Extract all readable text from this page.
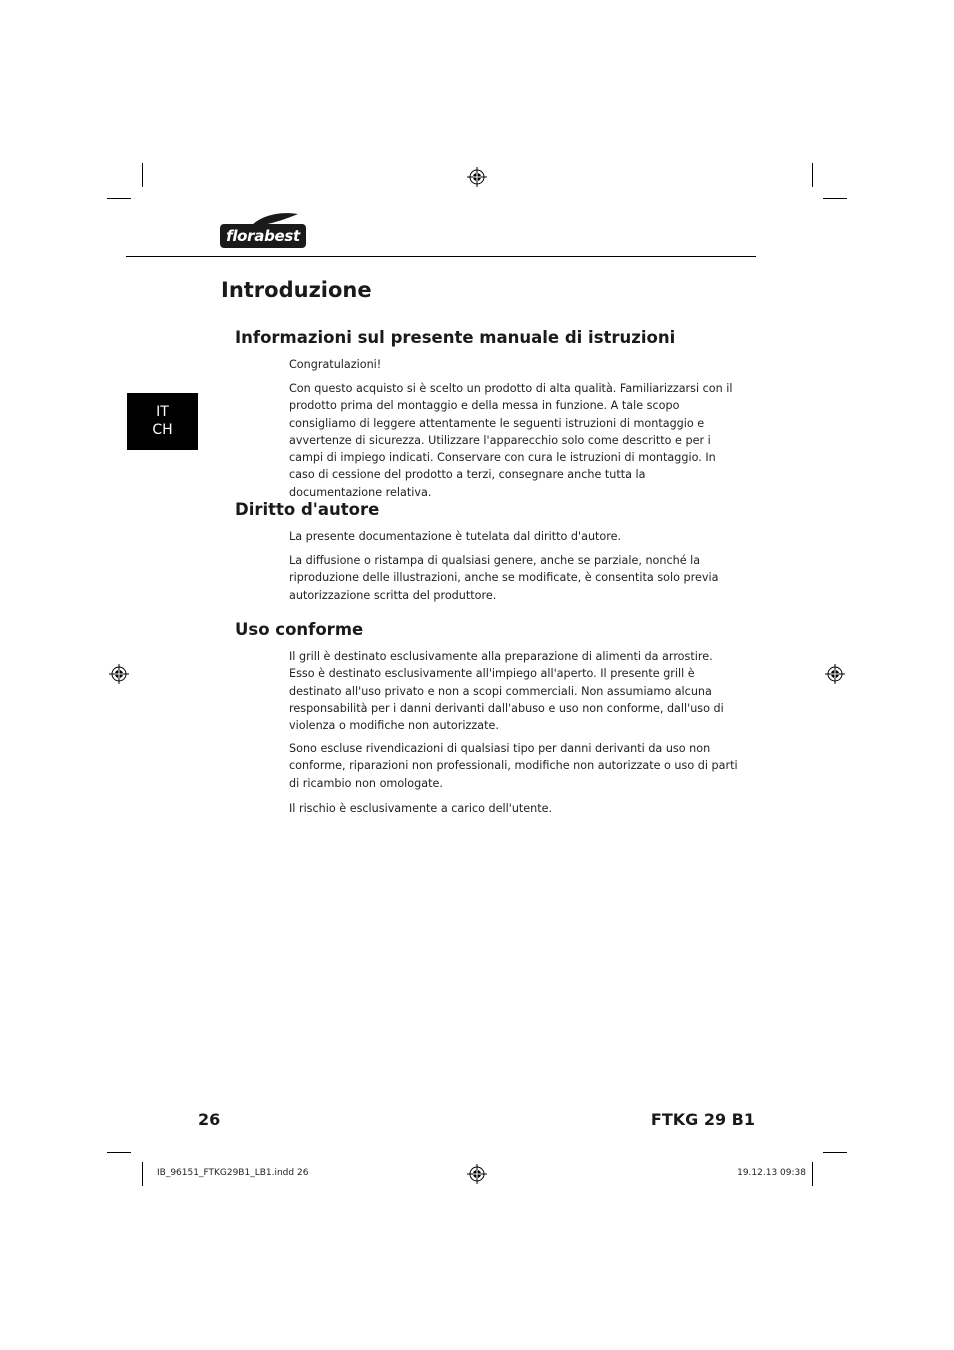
florabest
Introduzione
IT
CH
Informazioni sul presente manuale di istruzioni

Congratulazioni!

Con questo acquisto si è scelto un prodotto di alta qualità. Familiarizzarsi con il prodotto prima del montaggio e della messa in funzione. A tale scopo consigliamo di leggere attentamente le seguenti istruzioni di montaggio e avvertenze di sicurezza. Utilizzare l'apparecchio solo come descritto e per i campi di impiego indicati. Conservare con cura le istruzioni di montaggio. In caso di cessione del prodotto a terzi, consegnare anche tutta la documentazione relativa.

Diritto d'autore

La presente documentazione è tutelata dal diritto d'autore.

La diffusione o ristampa di qualsiasi genere, anche se parziale, nonché la riproduzione delle illustrazioni, anche se modificate, è consentita solo previa autorizzazione scritta del produttore.

Uso conforme

Il grill è destinato esclusivamente alla preparazione di alimenti da arrostire. Esso è destinato esclusivamente all'impiego all'aperto. Il presente grill è destinato all'uso privato e non a scopi commerciali. Non assumiamo alcuna responsabilità per i danni derivanti dall'abuso e uso non conforme, dall'uso di violenza o modifiche non autorizzate.

Sono escluse rivendicazioni di qualsiasi tipo per danni derivanti da uso non conforme, riparazioni non professionali, modifiche non autorizzate o uso di parti di ricambio non omologate.

Il rischio è esclusivamente a carico dell'utente.

26	FTKG 29 B1
IB_96151_FTKG29B1_LB1.indd 26	19.12.13 09:38
